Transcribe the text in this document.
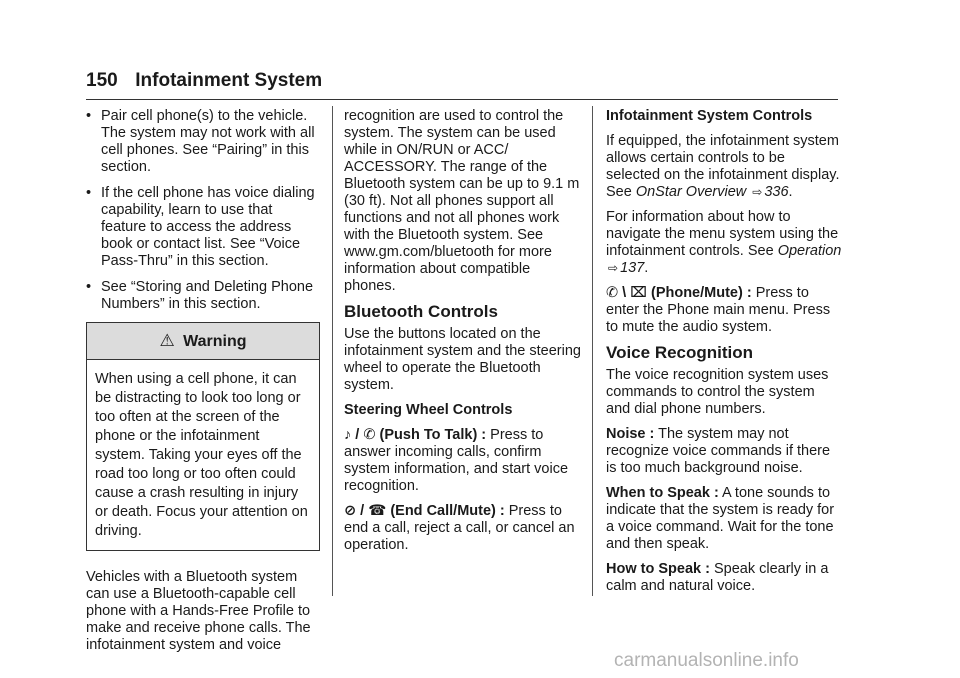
150 Infotainment System
• Pair cell phone(s) to the vehicle. The system may not work with all cell phones. See “Pairing” in this section.
• If the cell phone has voice dialing capability, learn to use that feature to access the address book or contact list. See “Voice Pass-Thru” in this section.
• See “Storing and Deleting Phone Numbers” in this section.
⚠ Warning
When using a cell phone, it can be distracting to look too long or too often at the screen of the phone or the infotainment system. Taking your eyes off the road too long or too often could cause a crash resulting in injury or death. Focus your attention on driving.

Vehicles with a Bluetooth system can use a Bluetooth-capable cell phone with a Hands-Free Profile to make and receive phone calls. The infotainment system and voice

recognition are used to control the system. The system can be used while in ON/RUN or ACC/ ACCESSORY. The range of the Bluetooth system can be up to 9.1 m (30 ft). Not all phones support all functions and not all phones work with the Bluetooth system. See www.gm.com/bluetooth for more information about compatible phones.

Bluetooth Controls

Use the buttons located on the infotainment system and the steering wheel to operate the Bluetooth system.

Steering Wheel Controls

♪ / ✆ (Push To Talk) : Press to answer incoming calls, confirm system information, and start voice recognition.

⊘ / ☎ (End Call/Mute) : Press to end a call, reject a call, or cancel an operation.

Infotainment System Controls

If equipped, the infotainment system allows certain controls to be selected on the infotainment display. See OnStar Overview ⇨ 336.

For information about how to navigate the menu system using the infotainment controls. See Operation ⇨ 137.

✆ \ ⌧ (Phone/Mute) : Press to enter the Phone main menu. Press to mute the audio system.

Voice Recognition

The voice recognition system uses commands to control the system and dial phone numbers.

Noise : The system may not recognize voice commands if there is too much background noise.

When to Speak : A tone sounds to indicate that the system is ready for a voice command. Wait for the tone and then speak.

How to Speak : Speak clearly in a calm and natural voice.

carmanualsonline.info
